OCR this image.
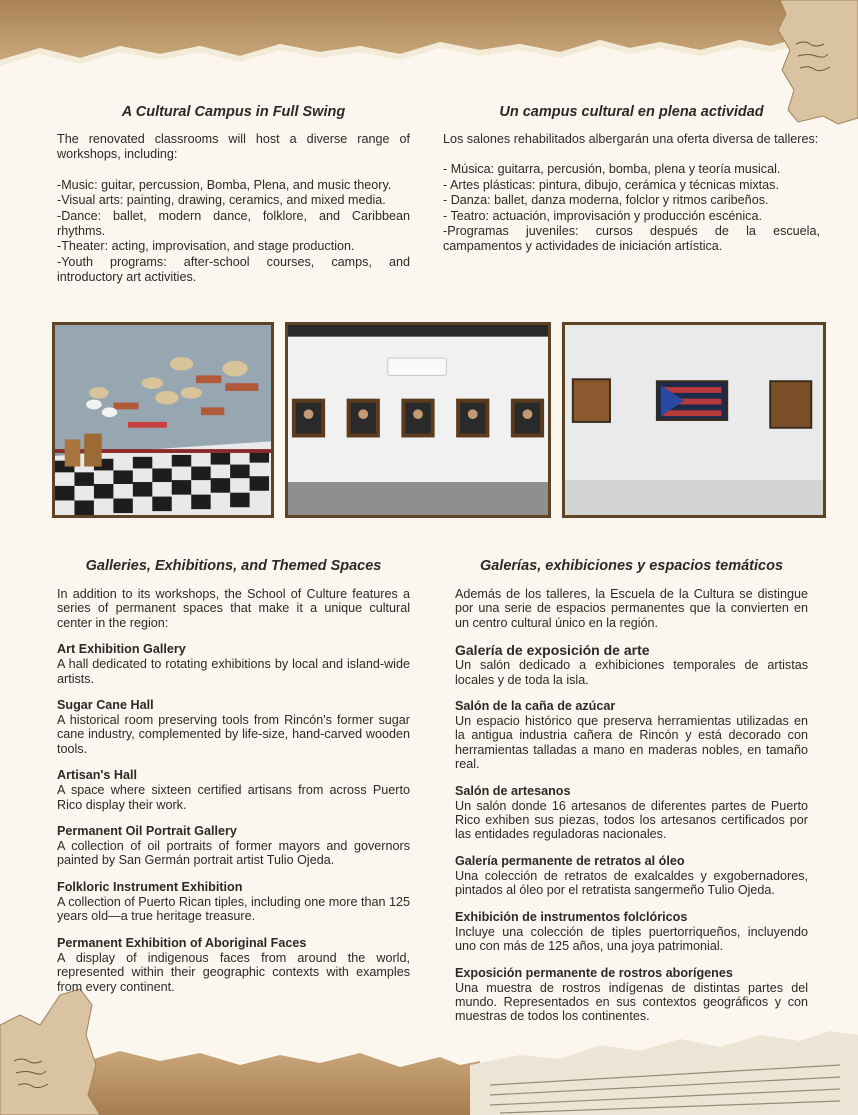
A Cultural Campus in Full Swing

The renovated classrooms will host a diverse range of workshops, including:

-Music: guitar, percussion, Bomba, Plena, and music theory.

-Visual arts: painting, drawing, ceramics, and mixed media.

-Dance: ballet, modern dance, folklore, and Caribbean rhythms.

-Theater: acting, improvisation, and stage production.

-Youth programs: after-school courses, camps, and introductory art activities.

Un campus cultural en plena actividad

Los salones rehabilitados albergarán una oferta diversa de talleres:

- Música: guitarra, percusión, bomba, plena y teoría musical.

- Artes plásticas: pintura, dibujo, cerámica y técnicas mixtas.

- Danza: ballet, danza moderna, folclor y ritmos caribeños.

- Teatro: actuación, improvisación y producción escénica.

-Programas juveniles: cursos después de la escuela, campamentos y actividades de iniciación artística.

Galleries, Exhibitions, and Themed Spaces

In addition to its workshops, the School of Culture features a series of permanent spaces that make it a unique cultural center in the region:

Art Exhibition Gallery

A hall dedicated to rotating exhibitions by local and island-wide artists.

Sugar Cane Hall

A historical room preserving tools from Rincón's former sugar cane industry, complemented by life-size, hand-carved wooden tools.

Artisan's Hall

A space where sixteen certified artisans from across Puerto Rico display their work.

Permanent Oil Portrait Gallery

A collection of oil portraits of former mayors and governors painted by San Germán portrait artist Tulio Ojeda.

Folkloric Instrument Exhibition

A collection of Puerto Rican tiples, including one more than 125 years old—a true heritage treasure.

Permanent Exhibition of Aboriginal Faces

A display of indigenous faces from around the world, represented within their geographic contexts with examples from every continent.

Galerías, exhibiciones y espacios temáticos

Además de los talleres, la Escuela de la Cultura se distingue por una serie de espacios permanentes que la convierten en un centro cultural único en la región.

Galería de exposición de arte

Un salón dedicado a exhibiciones temporales de artistas locales y de toda la isla.

Salón de la caña de azúcar

Un espacio histórico que preserva herramientas utilizadas en la antigua industria cañera de Rincón y está decorado con herramientas talladas a mano en maderas nobles, en tamaño real.

Salón de artesanos

Un salón donde 16 artesanos de diferentes partes de Puerto Rico exhiben sus piezas, todos los artesanos certificados por las entidades reguladoras nacionales.

Galería permanente de retratos al óleo

Una colección de retratos de exalcaldes y exgobernadores, pintados al óleo por el retratista sangermeño Tulio Ojeda.

Exhibición de instrumentos folclóricos

Incluye una colección de tiples puertorriqueños, incluyendo uno con más de 125 años, una joya patrimonial.

Exposición permanente de rostros aborígenes

Una muestra de rostros indígenas de distintas partes del mundo. Representados en sus contextos geográficos y con muestras de todos los continentes.
